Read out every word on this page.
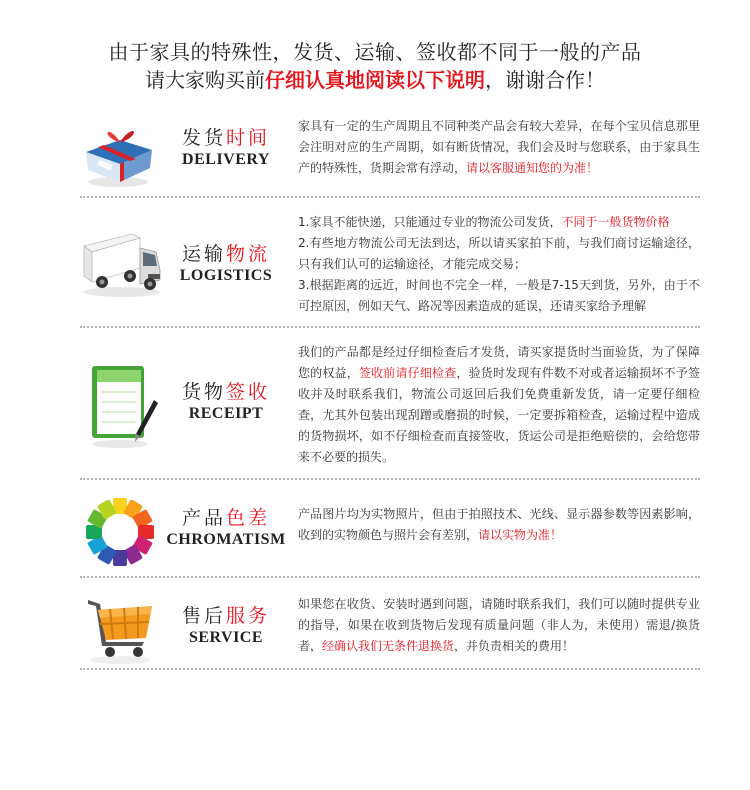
由于家具的特殊性，发货、运输、签收都不同于一般的产品
请大家购买前仔细认真地阅读以下说明，谢谢合作！
发货时间
DELIVERY
家具有一定的生产周期且不同种类产品会有较大差异，在每个宝贝信息那里会注明对应的生产周期，如有断货情况，我们会及时与您联系，由于家具生产的特殊性，货期会常有浮动，请以客服通知您的为准！
运输物流
LOGISTICS

1.家具不能快递，只能通过专业的物流公司发货，不同于一般货物价格

2.有些地方物流公司无法到达，所以请买家拍下前，与我们商讨运输途径，只有我们认可的运输途径，才能完成交易；

3.根据距离的远近，时间也不完全一样，一般是7-15天到货，另外，由于不可控原因，例如天气、路况等因素造成的延误，还请买家给予理解

货物签收
RECEIPT
我们的产品都是经过仔细检查后才发货，请买家提货时当面验货，为了保障您的权益，签收前请仔细检查，验货时发现有件数不对或者运输损坏不予签收并及时联系我们，物流公司返回后我们免费重新发货，请一定要仔细检查，尤其外包装出现刮蹭或磨损的时候，一定要拆箱检查，运输过程中造成的货物损坏，如不仔细检查而直接签收，货运公司是拒绝赔偿的，会给您带来不必要的损失。
产品色差
CHROMATISM
产品图片均为实物照片，但由于拍照技术、光线、显示器参数等因素影响，收到的实物颜色与照片会有差别，请以实物为准！
售后服务
SERVICE
如果您在收货、安装时遇到问题，请随时联系我们，我们可以随时提供专业的指导，如果在收到货物后发现有质量问题（非人为，未使用）需退/换货者，经确认我们无条件退换货，并负责相关的费用！
